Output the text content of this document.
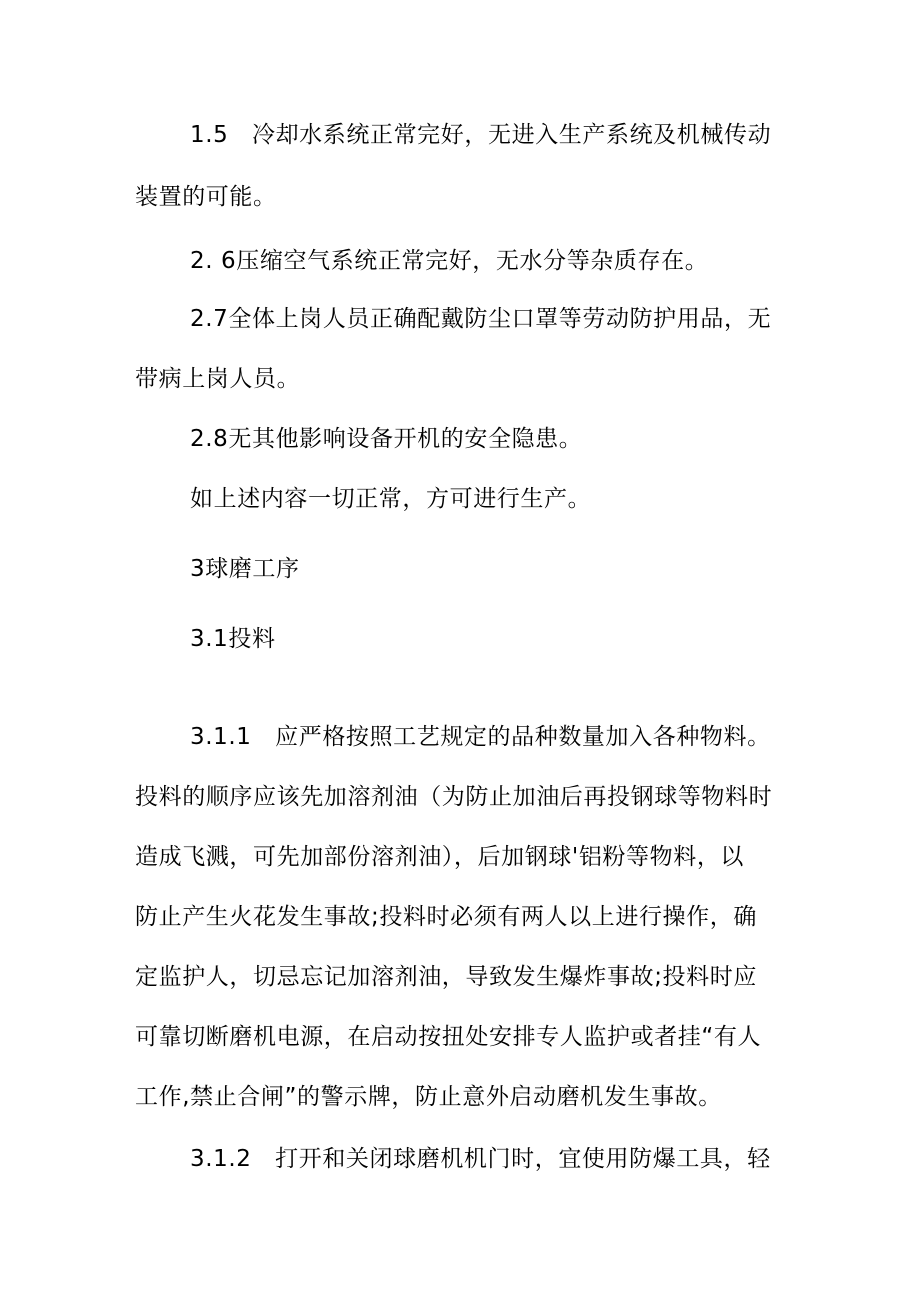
1.5　冷却水系统正常完好，无进入生产系统及机械传动
装置的可能。
2. 6压缩空气系统正常完好，无水分等杂质存在。
2.7全体上岗人员正确配戴防尘口罩等劳动防护用品，无
带病上岗人员。
2.8无其他影响设备开机的安全隐患。
如上述内容一切正常，方可进行生产。
3球磨工序
3.1投料
3.1.1　应严格按照工艺规定的品种数量加入各种物料。
投料的顺序应该先加溶剂油（为防止加油后再投钢球等物料时
造成飞溅，可先加部份溶剂油），后加钢球'铝粉等物料，以
防止产生火花发生事故;投料时必须有两人以上进行操作，确
定监护人，切忌忘记加溶剂油，导致发生爆炸事故;投料时应
可靠切断磨机电源，在启动按扭处安排专人监护或者挂“有人
工作,禁止合闸”的警示牌，防止意外启动磨机发生事故。
3.1.2　打开和关闭球磨机机门时，宜使用防爆工具，轻
